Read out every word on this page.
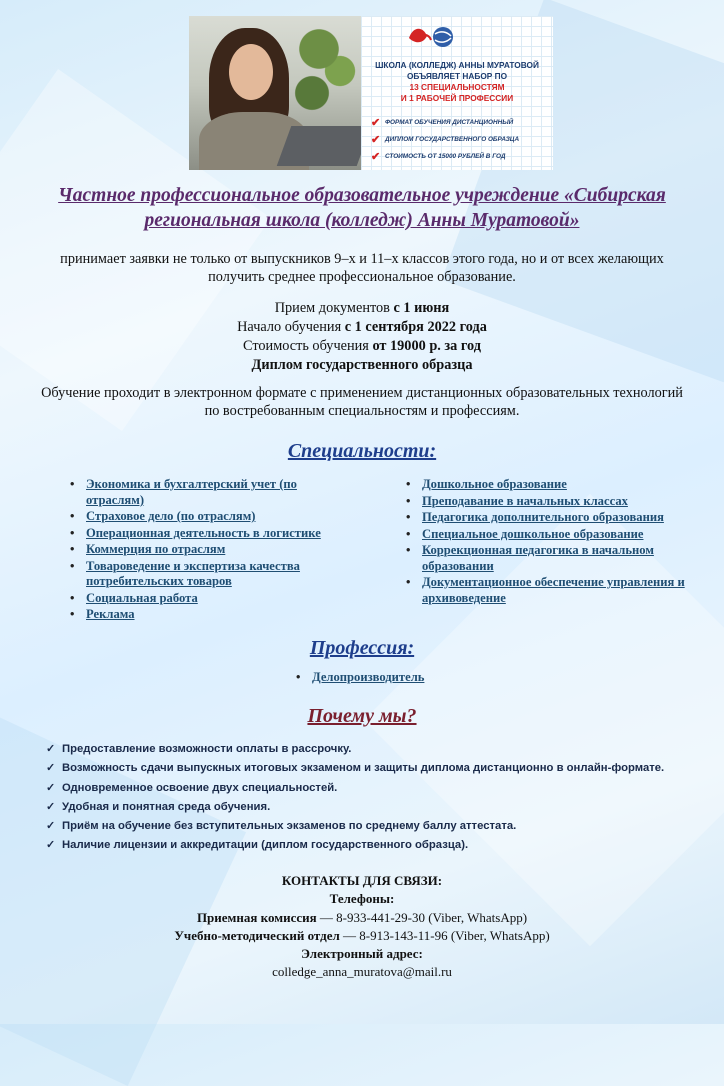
ШКОЛА (КОЛЛЕДЖ) АННЫ МУРАТОВОЙ
ОБЪЯВЛЯЕТ НАБОР ПО
13 СПЕЦИАЛЬНОСТЯМ
И 1 РАБОЧЕЙ ПРОФЕССИИ
✔ ФОРМАТ ОБУЧЕНИЯ ДИСТАНЦИОННЫЙ
✔ ДИПЛОМ ГОСУДАРСТВЕННОГО ОБРАЗЦА
✔ СТОИМОСТЬ ОТ 15000 РУБЛЕЙ В ГОД
Частное профессиональное образовательное учреждение «Сибирская региональная школа (колледж) Анны Муратовой»
принимает заявки не только от выпускников 9–х и 11–х классов этого года, но и от всех желающих получить среднее профессиональное образование.
Прием документов с 1 июня
Начало обучения с 1 сентября 2022 года
Стоимость обучения от 19000 р. за год
Диплом государственного образца
Обучение проходит в электронном формате с применением дистанционных образовательных технологий по востребованным специальностям и профессиям.
Специальности:
• Экономика и бухгалтерский учет (по отраслям)
• Страховое дело (по отраслям)
• Операционная деятельность в логистике
• Коммерция по отраслям
• Товароведение и экспертиза качества потребительских товаров
• Социальная работа
• Реклама
• Дошкольное образование
• Преподавание в начальных классах
• Педагогика дополнительного образования
• Специальное дошкольное образование
• Коррекционная педагогика в начальном образовании
• Документационное обеспечение управления и архивоведение
Профессия:
• Делопроизводитель
Почему мы?
✓ Предоставление возможности оплаты в рассрочку.
✓ Возможность сдачи выпускных итоговых экзаменом и защиты диплома дистанционно в онлайн-формате.
✓ Одновременное освоение двух специальностей.
✓ Удобная и понятная среда обучения.
✓ Приём на обучение без вступительных экзаменов по среднему баллу аттестата.
✓ Наличие лицензии и аккредитации (диплом государственного образца).
КОНТАКТЫ ДЛЯ СВЯЗИ:
Телефоны:
Приемная комиссия — 8-933-441-29-30 (Viber, WhatsApp)
Учебно-методический отдел — 8-913-143-11-96 (Viber, WhatsApp)
Электронный адрес:
colledge_anna_muratova@mail.ru
